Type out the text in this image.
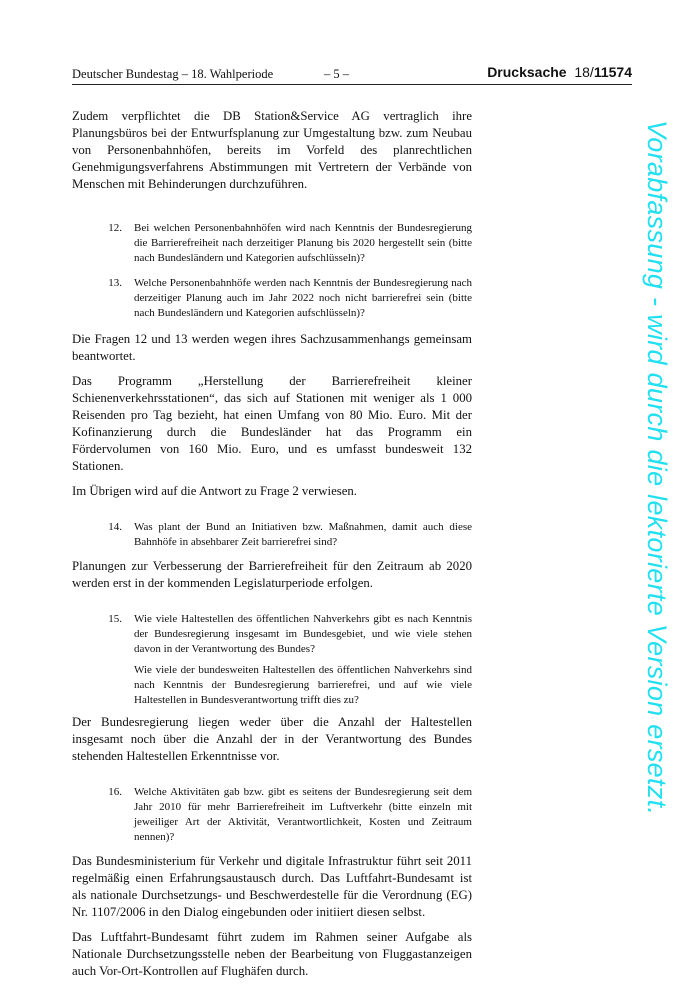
Deutscher Bundestag – 18. Wahlperiode	– 5 –	Drucksache 18/11574

Zudem verpflichtet die DB Station&Service AG vertraglich ihre Planungsbüros bei der Entwurfsplanung zur Umgestaltung bzw. zum Neubau von Personenbahnhöfen, bereits im Vorfeld des planrechtlichen Genehmigungsverfahrens Abstimmungen mit Vertretern der Verbände von Menschen mit Behinderungen durchzuführen.

12.	Bei welchen Personenbahnhöfen wird nach Kenntnis der Bundesregierung die Barrierefreiheit nach derzeitiger Planung bis 2020 hergestellt sein (bitte nach Bundesländern und Kategorien aufschlüsseln)?
13.	Welche Personenbahnhöfe werden nach Kenntnis der Bundesregierung nach derzeitiger Planung auch im Jahr 2022 noch nicht barrierefrei sein (bitte nach Bundesländern und Kategorien aufschlüsseln)?

Die Fragen 12 und 13 werden wegen ihres Sachzusammenhangs gemeinsam beantwortet.

Das Programm „Herstellung der Barrierefreiheit kleiner Schienenverkehrsstationen“, das sich auf Stationen mit weniger als 1 000 Reisenden pro Tag bezieht, hat einen Umfang von 80 Mio. Euro. Mit der Kofinanzierung durch die Bundesländer hat das Programm ein Fördervolumen von 160 Mio. Euro, und es umfasst bundesweit 132 Stationen.

Im Übrigen wird auf die Antwort zu Frage 2 verwiesen.

14.	Was plant der Bund an Initiativen bzw. Maßnahmen, damit auch diese Bahnhöfe in absehbarer Zeit barrierefrei sind?

Planungen zur Verbesserung der Barrierefreiheit für den Zeitraum ab 2020 werden erst in der kommenden Legislaturperiode erfolgen.

15.	Wie viele Haltestellen des öffentlichen Nahverkehrs gibt es nach Kenntnis der Bundesregierung insgesamt im Bundesgebiet, und wie viele stehen davon in der Verantwortung des Bundes?
Wie viele der bundesweiten Haltestellen des öffentlichen Nahverkehrs sind nach Kenntnis der Bundesregierung barrierefrei, und auf wie viele Haltestellen in Bundesverantwortung trifft dies zu?

Der Bundesregierung liegen weder über die Anzahl der Haltestellen insgesamt noch über die Anzahl der in der Verantwortung des Bundes stehenden Haltestellen Erkenntnisse vor.

16.	Welche Aktivitäten gab bzw. gibt es seitens der Bundesregierung seit dem Jahr 2010 für mehr Barrierefreiheit im Luftverkehr (bitte einzeln mit jeweiliger Art der Aktivität, Verantwortlichkeit, Kosten und Zeitraum nennen)?

Das Bundesministerium für Verkehr und digitale Infrastruktur führt seit 2011 regelmäßig einen Erfahrungsaustausch durch. Das Luftfahrt-Bundesamt ist als nationale Durchsetzungs- und Beschwerdestelle für die Verordnung (EG) Nr. 1107/2006 in den Dialog eingebunden oder initiiert diesen selbst.

Das Luftfahrt-Bundesamt führt zudem im Rahmen seiner Aufgabe als Nationale Durchsetzungsstelle neben der Bearbeitung von Fluggastanzeigen auch Vor-Ort-Kontrollen auf Flughäfen durch.

Vorabfassung - wird durch die lektorierte Version ersetzt.
